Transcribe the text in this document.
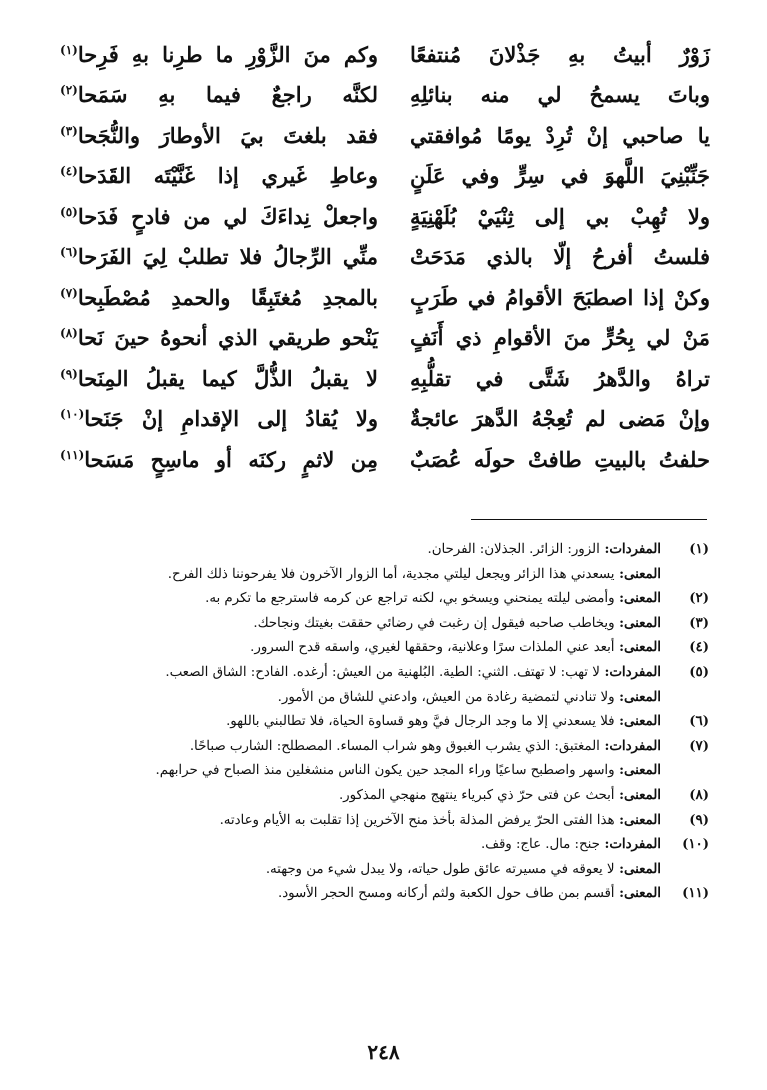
زَوْرٌ أبيتُ بهِ جَذْلانَ مُنتفعًا
وكم منَ الزَّوْرِ ما طرِنا بهِ فَرِحا$^{(١)}$
وباتَ يسمحُ لي منه بنائلِهِ
لكنَّه راجعٌ فيما بهِ سَمَحا$^{(٢)}$
يا صاحبي إنْ تُرِدْ يومًا مُوافقتي
فقد بلغتَ بيَ الأوطارَ والنُّجَحا$^{(٣)}$
جَنِّبْنِيَ اللَّهوَ في سِرٍّ وفي عَلَنٍ
وعاطِ غَيري إذا غَنَّيْتَه القَدَحا$^{(٤)}$
ولا تُهِبْ بي إلى ثِنْيَيْ بُلَهْنِيَةٍ
واجعلْ نِداءَكَ لي من فادحٍ فَدَحا$^{(٥)}$
فلستُ أفرحُ إلّا بالذي مَدَحَتْ
منِّي الرِّجالُ فلا تطلبْ لِيَ الفَرَحا$^{(٦)}$
وكنْ إذا اصطبَحَ الأقوامُ في طَرَبٍ
بالمجدِ مُغتَبِقًا والحمدِ مُصْطَبِحا$^{(٧)}$
مَنْ لي بِحُرٍّ منَ الأقوامِ ذي أَنَفٍ
يَنْحو طريقي الذي أنحوهُ حينَ نَحا$^{(٨)}$
تراهُ والدَّهرُ شَتَّى في تقلُّبِهِ
لا يقبلُ الذُّلَّ كيما يقبلُ المِنَحا$^{(٩)}$
وإنْ مَضى لم تُعِجْهُ الدَّهرَ عائجةٌ
ولا يُقادُ إلى الإقدامِ إنْ جَنَحا$^{(١٠)}$
حلفتُ بالبيتِ طافتْ حولَه عُصَبٌ
مِن لاثمٍ ركنَه أو ماسِحٍ مَسَحا$^{(١١)}$
(١)
المفردات: الزور: الزائر. الجذلان: الفرحان.
المعنى: يسعدني هذا الزائر ويجعل ليلتي مجدية، أما الزوار الآخرون فلا يفرحوننا ذلك الفرح.
(٢)
المعنى: وأمضى ليلته يمنحني ويسخو بي، لكنه تراجع عن كرمه فاسترجع ما تكرم به.
(٣)
المعنى: ويخاطب صاحبه فيقول إن رغبت في رضائي حققت بغيتك ونجاحك.
(٤)
المعنى: أبعد عني الملذات سرًا وعلانية، وحققها لغيري، واسقه قدح السرور.
(٥)
المفردات: لا تهب: لا تهتف. الثني: الطية. البُلهنية من العيش: أرغده. الفادح: الشاق الصعب.
المعنى: ولا تنادني لتمضية رغادة من العيش، وادعني للشاق من الأمور.
(٦)
المعنى: فلا يسعدني إلا ما وجد الرجال فيَّ وهو قساوة الحياة، فلا تطالبني باللهو.
(٧)
المفردات: المغتبق: الذي يشرب الغبوق وهو شراب المساء. المصطلح: الشارب صباحًا.
المعنى: واسهر واصطبح ساعيًا وراء المجد حين يكون الناس منشغلين منذ الصباح في حرابهم.
(٨)
المعنى: أبحث عن فتى حرّ ذي كبرياء ينتهج منهجي المذكور.
(٩)
المعنى: هذا الفتى الحرّ يرفض المذلة بأخذ منح الآخرين إذا تقلبت به الأيام وعادته.
(١٠)
المفردات: جنح: مال. عاج: وقف.
المعنى: لا يعوقه في مسيرته عائق طول حياته، ولا يبدل شيء من وجهته.
(١١)
المعنى: أقسم بمن طاف حول الكعبة ولثم أركانه ومسح الحجر الأسود.
٢٤٨
